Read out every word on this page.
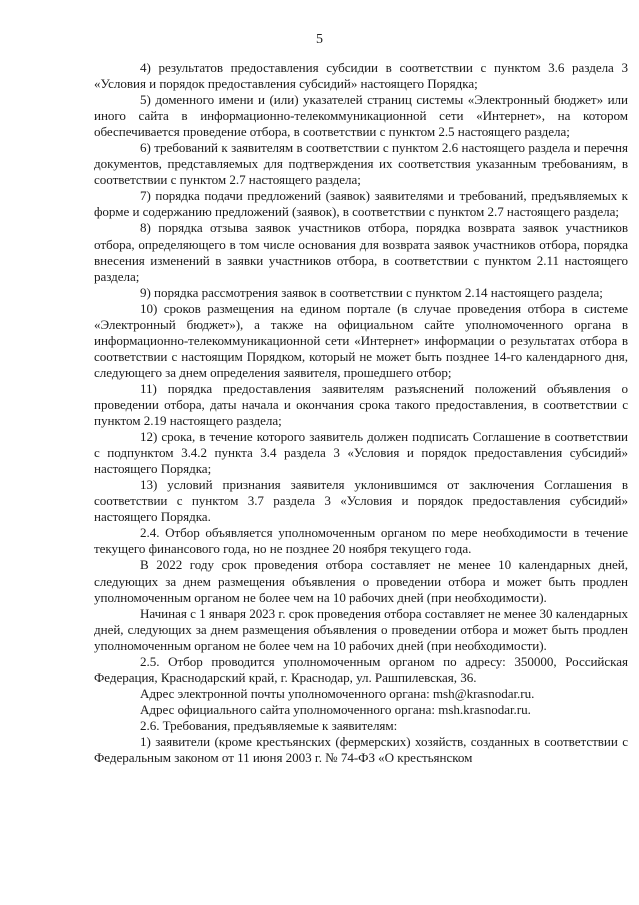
5

4) результатов предоставления субсидии в соответствии с пунктом 3.6 раздела 3 «Условия и порядок предоставления субсидий» настоящего Порядка;

5) доменного имени и (или) указателей страниц системы «Электронный бюджет» или иного сайта в информационно-телекоммуникационной сети «Интернет», на котором обеспечивается проведение отбора, в соответствии с пунктом 2.5 настоящего раздела;

6) требований к заявителям в соответствии с пунктом 2.6 настоящего раздела и перечня документов, представляемых для подтверждения их соответствия указанным требованиям, в соответствии с пунктом 2.7 настоящего раздела;

7) порядка подачи предложений (заявок) заявителями и требований, предъявляемых к форме и содержанию предложений (заявок), в соответствии с пунктом 2.7 настоящего раздела;

8) порядка отзыва заявок участников отбора, порядка возврата заявок участников отбора, определяющего в том числе основания для возврата заявок участников отбора, порядка внесения изменений в заявки участников отбора, в соответствии с пунктом 2.11 настоящего раздела;

9) порядка рассмотрения заявок в соответствии с пунктом 2.14 настоящего раздела;

10) сроков размещения на едином портале (в случае проведения отбора в системе «Электронный бюджет»), а также на официальном сайте уполномоченного органа в информационно-телекоммуникационной сети «Интернет» информации о результатах отбора в соответствии с настоящим Порядком, который не может быть позднее 14-го календарного дня, следующего за днем определения заявителя, прошедшего отбор;

11) порядка предоставления заявителям разъяснений положений объявления о проведении отбора, даты начала и окончания срока такого предоставления, в соответствии с пунктом 2.19 настоящего раздела;

12) срока, в течение которого заявитель должен подписать Соглашение в соответствии с подпунктом 3.4.2 пункта 3.4 раздела 3 «Условия и порядок предоставления субсидий» настоящего Порядка;

13) условий признания заявителя уклонившимся от заключения Соглашения в соответствии с пунктом 3.7 раздела 3 «Условия и порядок предоставления субсидий» настоящего Порядка.

2.4. Отбор объявляется уполномоченным органом по мере необходимости в течение текущего финансового года, но не позднее 20 ноября текущего года.

В 2022 году срок проведения отбора составляет не менее 10 календарных дней, следующих за днем размещения объявления о проведении отбора и может быть продлен уполномоченным органом не более чем на 10 рабочих дней (при необходимости).

Начиная с 1 января 2023 г. срок проведения отбора составляет не менее 30 календарных дней, следующих за днем размещения объявления о проведении отбора и может быть продлен уполномоченным органом не более чем на 10 рабочих дней (при необходимости).

2.5. Отбор проводится уполномоченным органом по адресу: 350000, Российская Федерация, Краснодарский край, г. Краснодар, ул. Рашпилевская, 36.

Адрес электронной почты уполномоченного органа: msh@krasnodar.ru.

Адрес официального сайта уполномоченного органа: msh.krasnodar.ru.

2.6. Требования, предъявляемые к заявителям:

1) заявители (кроме крестьянских (фермерских) хозяйств, созданных в соответствии с Федеральным законом от 11 июня 2003 г. № 74-ФЗ «О крестьянском
